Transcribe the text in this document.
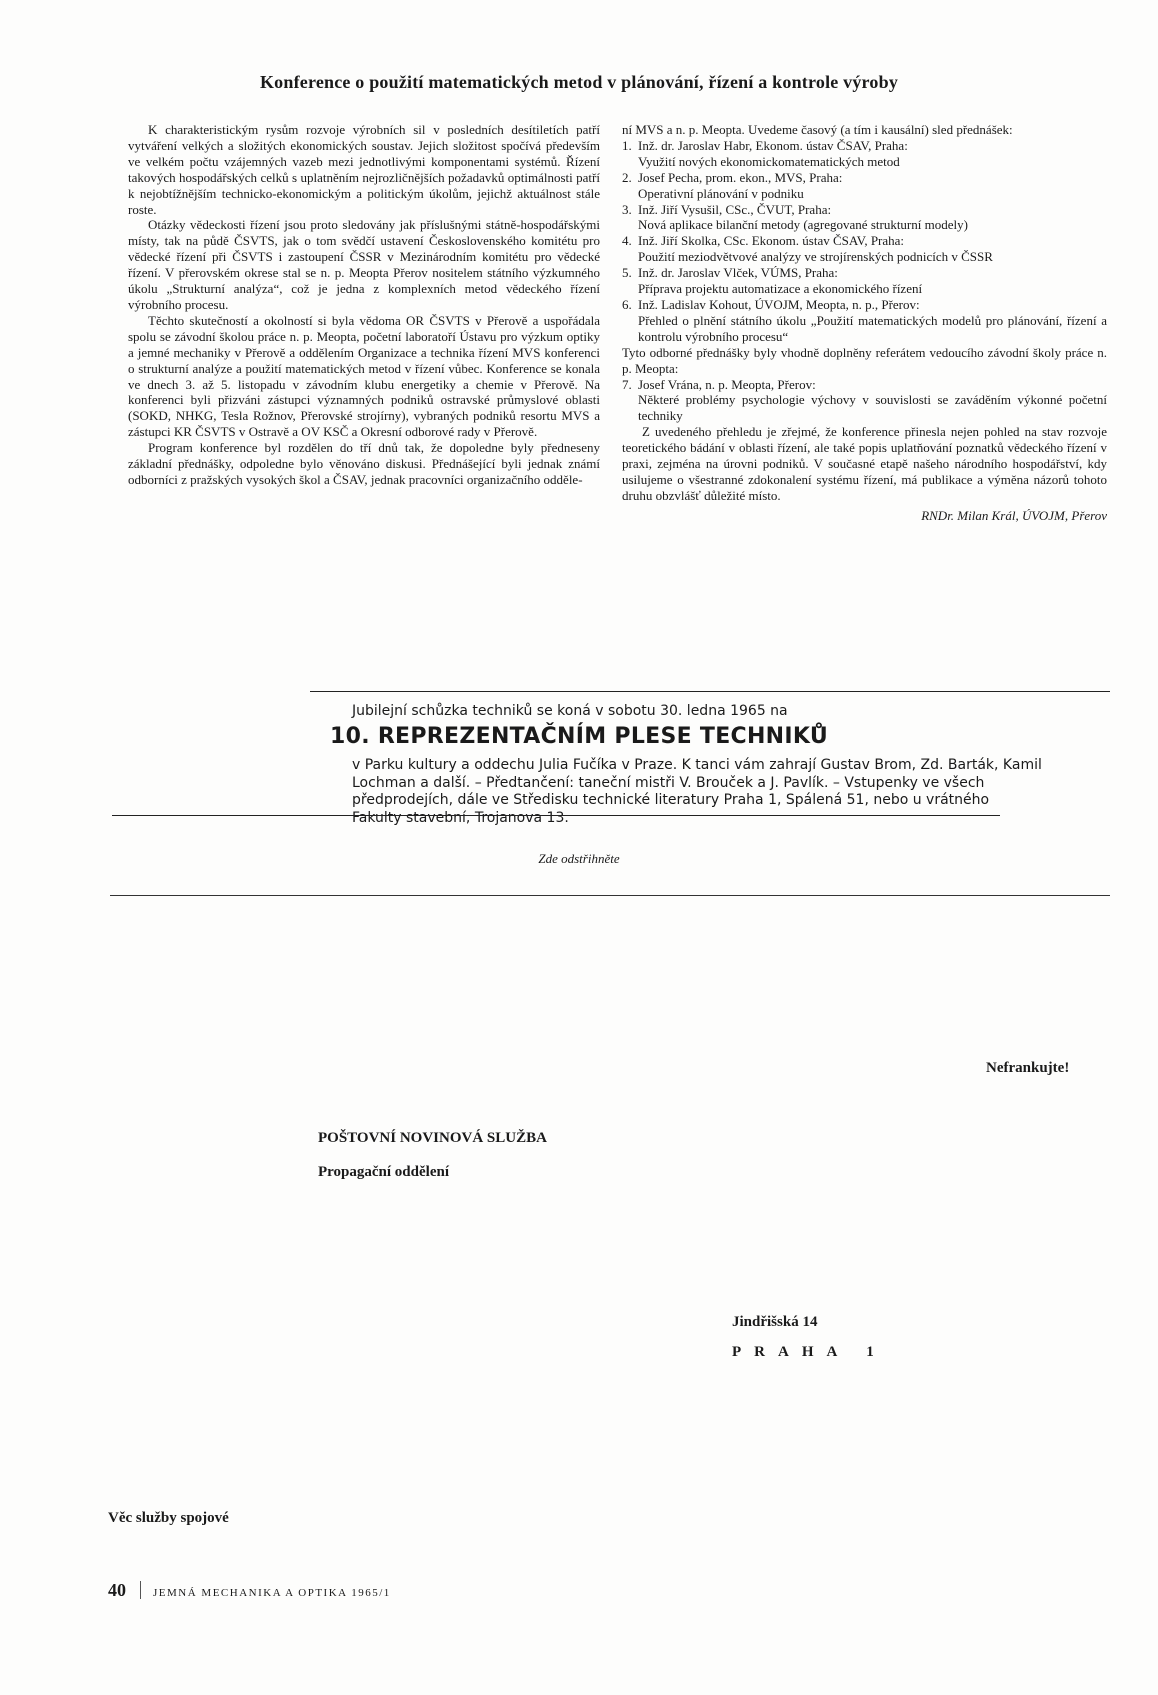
Konference o použití matematických metod v plánování, řízení a kontrole výroby

K charakteristickým rysům rozvoje výrobních sil v posledních desítiletích patří vytváření velkých a složitých ekonomických soustav. Jejich složitost spočívá především ve velkém počtu vzájemných vazeb mezi jednotlivými komponentami systémů. Řízení takových hospodářských celků s uplatněním nejrozličnějších požadavků optimálnosti patří k nejobtížnějším technicko-ekonomickým a politickým úkolům, jejichž aktuálnost stále roste.

Otázky vědeckosti řízení jsou proto sledovány jak příslušnými státně-hospodářskými místy, tak na půdě ČSVTS, jak o tom svědčí ustavení Československého komitétu pro vědecké řízení při ČSVTS i zastoupení ČSSR v Mezinárodním komitétu pro vědecké řízení. V přerovském okrese stal se n. p. Meopta Přerov nositelem státního výzkumného úkolu „Strukturní analýza“, což je jedna z komplexních metod vědeckého řízení výrobního procesu.

Těchto skutečností a okolností si byla vědoma OR ČSVTS v Přerově a uspořádala spolu se závodní školou práce n. p. Meopta, početní laboratoří Ústavu pro výzkum optiky a jemné mechaniky v Přerově a oddělením Organizace a technika řízení MVS konferenci o strukturní analýze a použití matematických metod v řízení vůbec. Konference se konala ve dnech 3. až 5. listopadu v závodním klubu energetiky a chemie v Přerově. Na konferenci byli přizváni zástupci významných podniků ostravské průmyslové oblasti (SOKD, NHKG, Tesla Rožnov, Přerovské strojírny), vybraných podniků resortu MVS a zástupci KR ČSVTS v Ostravě a OV KSČ a Okresní odborové rady v Přerově.

Program konference byl rozdělen do tří dnů tak, že dopoledne byly předneseny základní přednášky, odpoledne bylo věnováno diskusi. Přednášející byli jednak známí odborníci z pražských vysokých škol a ČSAV, jednak pracovníci organizačního odděle-

ní MVS a n. p. Meopta. Uvedeme časový (a tím i kausální) sled přednášek:

1. Inž. dr. Jaroslav Habr, Ekonom. ústav ČSAV, Praha:
Využití nových ekonomickomatematických metod
2. Josef Pecha, prom. ekon., MVS, Praha:
Operativní plánování v podniku
3. Inž. Jiří Vysušil, CSc., ČVUT, Praha:
Nová aplikace bilanční metody (agregované strukturní modely)
4. Inž. Jiří Skolka, CSc. Ekonom. ústav ČSAV, Praha:
Použití meziodvětvové analýzy ve strojírenských podnicích v ČSSR
5. Inž. dr. Jaroslav Vlček, VÚMS, Praha:
Příprava projektu automatizace a ekonomického řízení
6. Inž. Ladislav Kohout, ÚVOJM, Meopta, n. p., Přerov:
Přehled o plnění státního úkolu „Použití matematických modelů pro plánování, řízení a kontrolu výrobního procesu“

Tyto odborné přednášky byly vhodně doplněny referátem vedoucího závodní školy práce n. p. Meopta:

7. Josef Vrána, n. p. Meopta, Přerov:
Některé problémy psychologie výchovy v souvislosti se zaváděním výkonné početní techniky

Z uvedeného přehledu je zřejmé, že konference přinesla nejen pohled na stav rozvoje teoretického bádání v oblasti řízení, ale také popis uplatňování poznatků vědeckého řízení v praxi, zejména na úrovni podniků. V současné etapě našeho národního hospodářství, kdy usilujeme o všestranné zdokonalení systému řízení, má publikace a výměna názorů tohoto druhu obzvlášť důležité místo.

RNDr. Milan Král, ÚVOJM, Přerov
Jubilejní schůzka techniků se koná v sobotu 30. ledna 1965 na
10. REPREZENTAČNÍM PLESE TECHNIKŮ
v Parku kultury a oddechu Julia Fučíka v Praze. K tanci vám zahrají Gustav Brom, Zd. Barták, Kamil Lochman a další. – Předtančení: taneční mistři V. Brouček a J. Pavlík. – Vstupenky ve všech předprodejích, dále ve Středisku technické literatury Praha 1, Spálená 51, nebo u vrátného Fakulty stavební, Trojanova 13.
Zde odstřihněte
Nefrankujte!
POŠTOVNÍ NOVINOVÁ SLUŽBA
Propagační oddělení
Jindřišská 14
PRAHA 1
Věc služby spojové
40 JEMNÁ MECHANIKA A OPTIKA 1965/1
